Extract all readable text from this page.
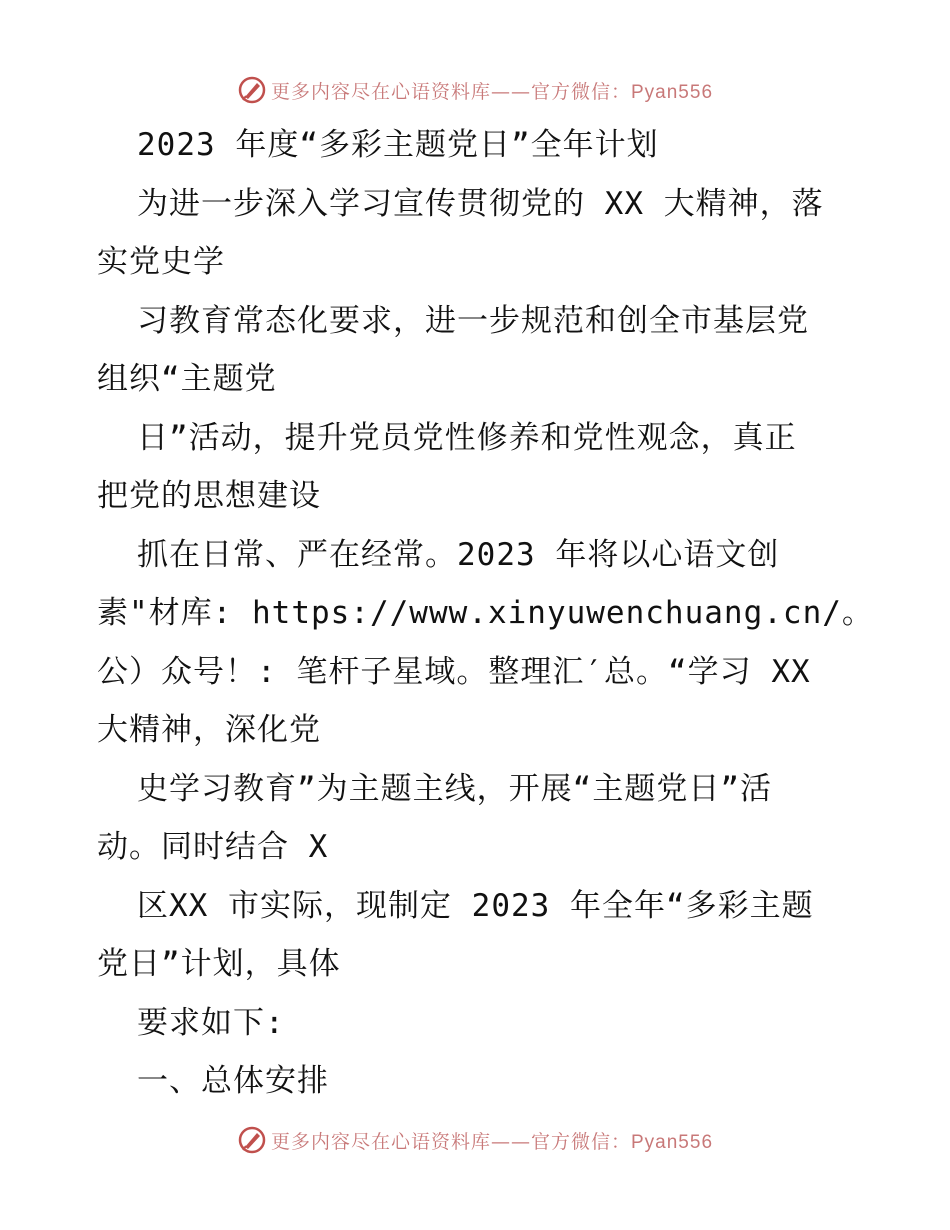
更多内容尽在心语资料库——官方微信：Pyan556
2023 年度“多彩主题党日”全年计划
为进一步深入学习宣传贯彻党的 XX 大精神，落
实党史学
习教育常态化要求，进一步规范和创全市基层党
组织“主题党
日”活动，提升党员党性修养和党性观念，真正
把党的思想建设
抓在日常、严在经常。2023 年将以心语文创
素"材库: https://www.xinyuwenchuang.cn/。
公）众号！: 笔杆子星域。整理汇′总。“学习 XX
大精神，深化党
史学习教育”为主题主线，开展“主题党日”活
动。同时结合 X
区XX 市实际，现制定 2023 年全年“多彩主题
党日”计划，具体
要求如下:
一、总体安排
更多内容尽在心语资料库——官方微信：Pyan556
